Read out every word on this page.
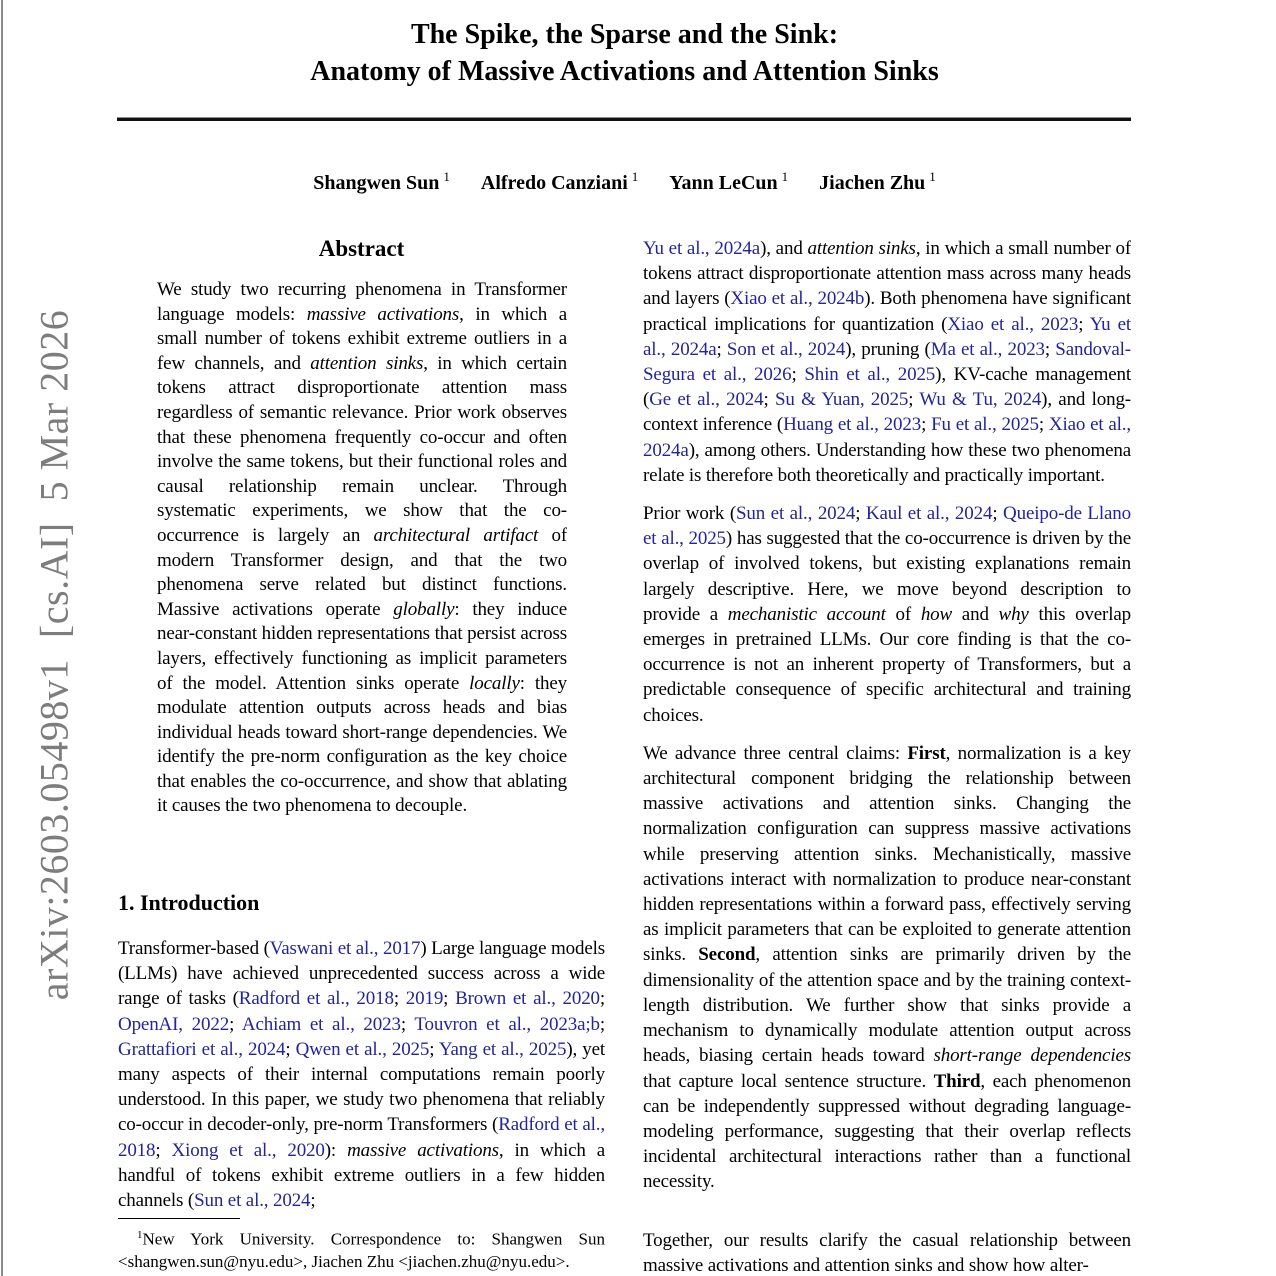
arXiv:2603.05498v1  [cs.AI]  5 Mar 2026
The Spike, the Sparse and the Sink:
Anatomy of Massive Activations and Attention Sinks
Shangwen Sun $^1$ Alfredo Canziani $^1$ Yann LeCun $^1$ Jiachen Zhu $^1$
Abstract
We study two recurring phenomena in Transformer language models: massive activations, in which a small number of tokens exhibit extreme outliers in a few channels, and attention sinks, in which certain tokens attract disproportionate attention mass regardless of semantic relevance. Prior work observes that these phenomena frequently co-occur and often involve the same tokens, but their functional roles and causal relationship remain unclear. Through systematic experiments, we show that the co-occurrence is largely an architectural artifact of modern Transformer design, and that the two phenomena serve related but distinct functions. Massive activations operate globally: they induce near-constant hidden representations that persist across layers, effectively functioning as implicit parameters of the model. Attention sinks operate locally: they modulate attention outputs across heads and bias individual heads toward short-range dependencies. We identify the pre-norm configuration as the key choice that enables the co-occurrence, and show that ablating it causes the two phenomena to decouple.
1. Introduction

Transformer-based (Vaswani et al., 2017) Large language models (LLMs) have achieved unprecedented success across a wide range of tasks (Radford et al., 2018; 2019; Brown et al., 2020; OpenAI, 2022; Achiam et al., 2023; Touvron et al., 2023a;b; Grattafiori et al., 2024; Qwen et al., 2025; Yang et al., 2025), yet many aspects of their internal computations remain poorly understood. In this paper, we study two phenomena that reliably co-occur in decoder-only, pre-norm Transformers (Radford et al., 2018; Xiong et al., 2020): massive activations, in which a handful of tokens exhibit extreme outliers in a few hidden channels (Sun et al., 2024;

Yu et al., 2024a), and attention sinks, in which a small number of tokens attract disproportionate attention mass across many heads and layers (Xiao et al., 2024b). Both phenomena have significant practical implications for quantization (Xiao et al., 2023; Yu et al., 2024a; Son et al., 2024), pruning (Ma et al., 2023; Sandoval-Segura et al., 2026; Shin et al., 2025), KV-cache management (Ge et al., 2024; Su & Yuan, 2025; Wu & Tu, 2024), and long-context inference (Huang et al., 2023; Fu et al., 2025; Xiao et al., 2024a), among others. Understanding how these two phenomena relate is therefore both theoretically and practically important.

Prior work (Sun et al., 2024; Kaul et al., 2024; Queipo-de Llano et al., 2025) has suggested that the co-occurrence is driven by the overlap of involved tokens, but existing explanations remain largely descriptive. Here, we move beyond description to provide a mechanistic account of how and why this overlap emerges in pretrained LLMs. Our core finding is that the co-occurrence is not an inherent property of Transformers, but a predictable consequence of specific architectural and training choices.

We advance three central claims: First, normalization is a key architectural component bridging the relationship between massive activations and attention sinks. Changing the normalization configuration can suppress massive activations while preserving attention sinks. Mechanistically, massive activations interact with normalization to produce near-constant hidden representations within a forward pass, effectively serving as implicit parameters that can be exploited to generate attention sinks. Second, attention sinks are primarily driven by the dimensionality of the attention space and by the training context-length distribution. We further show that sinks provide a mechanism to dynamically modulate attention output across heads, biasing certain heads toward short-range dependencies that capture local sentence structure. Third, each phenomenon can be independently suppressed without degrading language-modeling performance, suggesting that their overlap reflects incidental architectural interactions rather than a functional necessity.

Together, our results clarify the casual relationship between massive activations and attention sinks and show how alter-

$^1$New York University. Correspondence to: Shangwen Sun <shangwen.sun@nyu.edu>, Jiachen Zhu <jiachen.zhu@nyu.edu>.
